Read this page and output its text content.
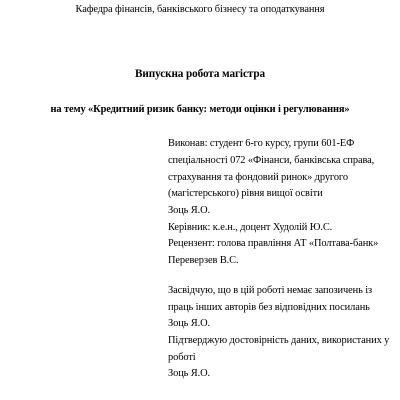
Кафедра фінансів, банківського бізнесу та оподаткування
Випускна робота магістра
на тему «Кредитний ризик банку: методи оцінки і регулювання»
Виконав: студент 6-го курсу, групи 601-ЕФ
спеціальності 072 «Фінанси, банківська справа,
страхування та фондовий ринок» другого
(магістерського) рівня вищої освіти
Зоць Я.О.
Керівник: к.е.н., доцент Худолій Ю.С.
Рецензент: голова правління АТ «Полтава-банк»
Переверзев В.С.
Засвідчую, що в цій роботі немає запозичень із
праць інших авторів без відповідних посилань
Зоць Я.О.
Підтверджую достовірність даних, використаних у
роботі
Зоць Я.О.
